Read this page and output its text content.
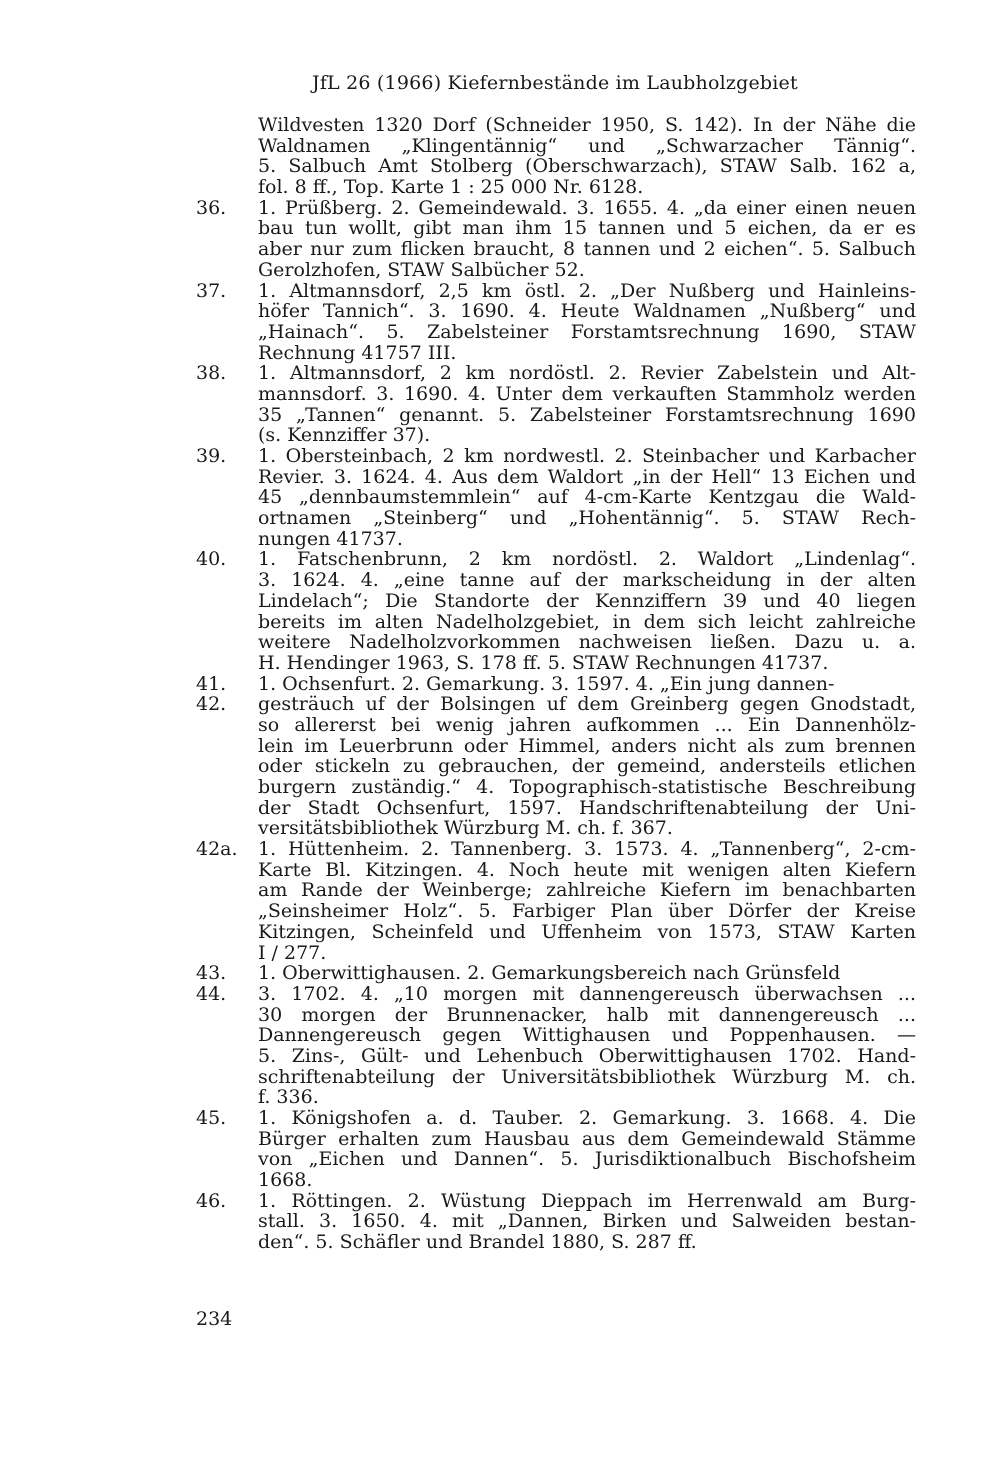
JfL 26 (1966) Kiefernbestände im Laubholzgebiet
Wildvesten 1320 Dorf (Schneider 1950, S. 142). In der Nähe die
Waldnamen „Klingentännig“ und „Schwarzacher Tännig“.
5. Salbuch Amt Stolberg (Oberschwarzach), STAW Salb. 162 a,
fol. 8 ff., Top. Karte 1 : 25 000 Nr. 6128.
36. 1. Prüßberg. 2. Gemeindewald. 3. 1655. 4. „da einer einen neuen
bau tun wollt, gibt man ihm 15 tannen und 5 eichen, da er es
aber nur zum flicken braucht, 8 tannen und 2 eichen“. 5. Salbuch
Gerolzhofen, STAW Salbücher 52.
37. 1. Altmannsdorf, 2,5 km östl. 2. „Der Nußberg und Hainleins-
höfer Tannich“. 3. 1690. 4. Heute Waldnamen „Nußberg“ und
„Hainach“. 5. Zabelsteiner Forstamtsrechnung 1690, STAW
Rechnung 41757 III.
38. 1. Altmannsdorf, 2 km nordöstl. 2. Revier Zabelstein und Alt-
mannsdorf. 3. 1690. 4. Unter dem verkauften Stammholz werden
35 „Tannen“ genannt. 5. Zabelsteiner Forstamtsrechnung 1690
(s. Kennziffer 37).
39. 1. Obersteinbach, 2 km nordwestl. 2. Steinbacher und Karbacher
Revier. 3. 1624. 4. Aus dem Waldort „in der Hell“ 13 Eichen und
45 „dennbaumstemmlein“ auf 4-cm-Karte Kentzgau die Wald-
ortnamen „Steinberg“ und „Hohentännig“. 5. STAW Rech-
nungen 41737.
40. 1. Fatschenbrunn, 2 km nordöstl. 2. Waldort „Lindenlag“.
3. 1624. 4. „eine tanne auf der markscheidung in der alten
Lindelach“; Die Standorte der Kennziffern 39 und 40 liegen
bereits im alten Nadelholzgebiet, in dem sich leicht zahlreiche
weitere Nadelholzvorkommen nachweisen ließen. Dazu u. a.
H. Hendinger 1963, S. 178 ff. 5. STAW Rechnungen 41737.
41. 1. Ochsenfurt. 2. Gemarkung. 3. 1597. 4. „Ein jung dannen-
42. gesträuch uf der Bolsingen uf dem Greinberg gegen Gnodstadt,
so allererst bei wenig jahren aufkommen ... Ein Dannenhölz-
lein im Leuerbrunn oder Himmel, anders nicht als zum brennen
oder stickeln zu gebrauchen, der gemeind, andersteils etlichen
burgern zuständig.“ 4. Topographisch-statistische Beschreibung
der Stadt Ochsenfurt, 1597. Handschriftenabteilung der Uni-
versitätsbibliothek Würzburg M. ch. f. 367.
42a. 1. Hüttenheim. 2. Tannenberg. 3. 1573. 4. „Tannenberg“, 2-cm-
Karte Bl. Kitzingen. 4. Noch heute mit wenigen alten Kiefern
am Rande der Weinberge; zahlreiche Kiefern im benachbarten
„Seinsheimer Holz“. 5. Farbiger Plan über Dörfer der Kreise
Kitzingen, Scheinfeld und Uffenheim von 1573, STAW Karten
I / 277.
43. 1. Oberwittighausen. 2. Gemarkungsbereich nach Grünsfeld
44. 3. 1702. 4. „10 morgen mit dannengereusch überwachsen ...
30 morgen der Brunnenacker, halb mit dannengereusch ...
Dannengereusch gegen Wittighausen und Poppenhausen. —
5. Zins-, Gült- und Lehenbuch Oberwittighausen 1702. Hand-
schriftenabteilung der Universitätsbibliothek Würzburg M. ch.
f. 336.
45. 1. Königshofen a. d. Tauber. 2. Gemarkung. 3. 1668. 4. Die
Bürger erhalten zum Hausbau aus dem Gemeindewald Stämme
von „Eichen und Dannen“. 5. Jurisdiktionalbuch Bischofsheim
1668.
46. 1. Röttingen. 2. Wüstung Dieppach im Herrenwald am Burg-
stall. 3. 1650. 4. mit „Dannen, Birken und Salweiden bestan-
den“. 5. Schäfler und Brandel 1880, S. 287 ff.
234
